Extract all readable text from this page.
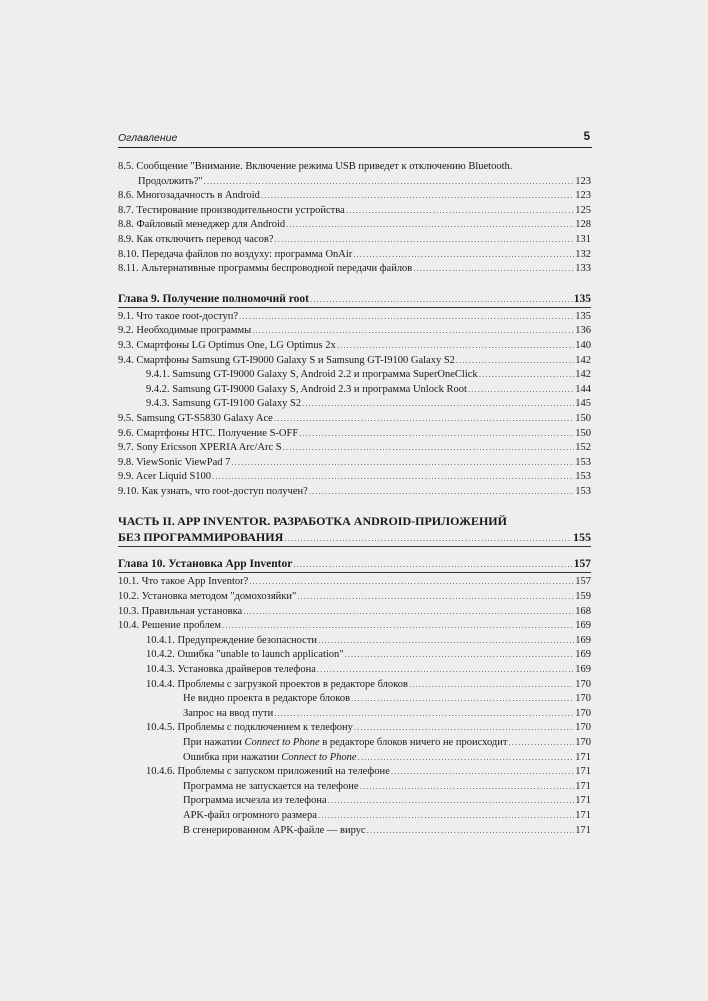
Оглавление	5
8.5. Сообщение "Внимание. Включение режима USB приведет к отключению Bluetooth.
Продолжить?" .....	123
8.6. Многозадачность в Android .....	123
8.7. Тестирование производительности устройства .....	125
8.8. Файловый менеджер для Android .....	128
8.9. Как отключить перевод часов? .....	131
8.10. Передача файлов по воздуху: программа OnAir .....	132
8.11. Альтернативные программы беспроводной передачи файлов .....	133
Глава 9. Получение полномочий root .....	135
9.1. Что такое root-доступ? .....	135
9.2. Необходимые программы .....	136
9.3. Смартфоны LG Optimus One, LG Optimus 2x .....	140
9.4. Смартфоны Samsung GT-I9000 Galaxy S и Samsung GT-I9100 Galaxy S2 .....	142
9.4.1. Samsung GT-I9000 Galaxy S, Android 2.2 и программа SuperOneClick .....	142
9.4.2. Samsung GT-I9000 Galaxy S, Android 2.3 и программа Unlock Root .....	144
9.4.3. Samsung GT-I9100 Galaxy S2 .....	145
9.5. Samsung GT-S5830 Galaxy Ace .....	150
9.6. Смартфоны HTC. Получение S-OFF .....	150
9.7. Sony Ericsson XPERIA Arc/Arc S .....	152
9.8. ViewSonic ViewPad 7 .....	153
9.9. Acer Liquid S100 .....	153
9.10. Как узнать, что root-доступ получен? .....	153
ЧАСТЬ II. APP INVENTOR. РАЗРАБОТКА ANDROID-ПРИЛОЖЕНИЙ
БЕЗ ПРОГРАММИРОВАНИЯ .....	155
Глава 10. Установка App Inventor .....	157
10.1. Что такое App Inventor? .....	157
10.2. Установка методом "домохозяйки" .....	159
10.3. Правильная установка .....	168
10.4. Решение проблем .....	169
10.4.1. Предупреждение безопасности .....	169
10.4.2. Ошибка "unable to launch application" .....	169
10.4.3. Установка драйверов телефона .....	169
10.4.4. Проблемы с загрузкой проектов в редакторе блоков .....	170
Не видно проекта в редакторе блоков .....	170
Запрос на ввод пути .....	170
10.4.5. Проблемы с подключением к телефону .....	170
При нажатии Connect to Phone в редакторе блоков ничего не происходит .....	170
Ошибка при нажатии Connect to Phone .....	171
10.4.6. Проблемы с запуском приложений на телефоне .....	171
Программа не запускается на телефоне .....	171
Программа исчезла из телефона .....	171
APK-файл огромного размера .....	171
В сгенерированном APK-файле — вирус .....	171
